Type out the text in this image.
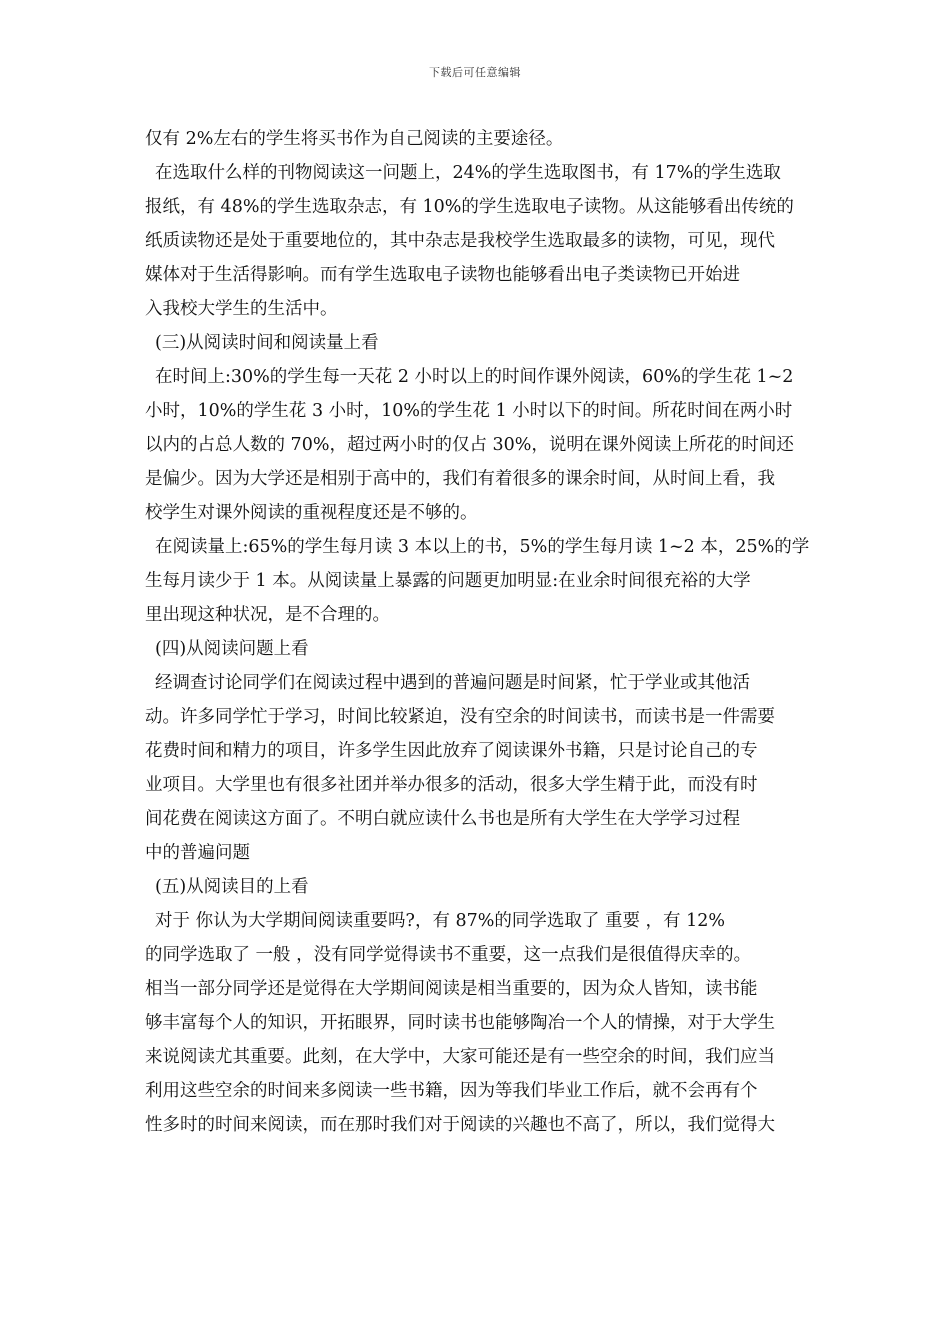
下载后可任意编辑
仅有 2%左右的学生将买书作为自己阅读的主要途径。
在选取什么样的刊物阅读这一问题上，24%的学生选取图书，有 17%的学生选取
报纸，有 48%的学生选取杂志，有 10%的学生选取电子读物。从这能够看出传统的
纸质读物还是处于重要地位的，其中杂志是我校学生选取最多的读物，可见，现代
媒体对于生活得影响。而有学生选取电子读物也能够看出电子类读物已开始进
入我校大学生的生活中。
(三)从阅读时间和阅读量上看
在时间上:30%的学生每一天花 2 小时以上的时间作课外阅读，60%的学生花 1~2
小时，10%的学生花 3 小时，10%的学生花 1 小时以下的时间。所花时间在两小时
以内的占总人数的 70%，超过两小时的仅占 30%，说明在课外阅读上所花的时间还
是偏少。因为大学还是相别于高中的，我们有着很多的课余时间，从时间上看，我
校学生对课外阅读的重视程度还是不够的。
在阅读量上:65%的学生每月读 3 本以上的书，5%的学生每月读 1~2 本，25%的学
生每月读少于 1 本。从阅读量上暴露的问题更加明显:在业余时间很充裕的大学
里出现这种状况，是不合理的。
(四)从阅读问题上看
经调查讨论同学们在阅读过程中遇到的普遍问题是时间紧，忙于学业或其他活
动。许多同学忙于学习，时间比较紧迫，没有空余的时间读书，而读书是一件需要
花费时间和精力的项目，许多学生因此放弃了阅读课外书籍，只是讨论自己的专
业项目。大学里也有很多社团并举办很多的活动，很多大学生精于此，而没有时
间花费在阅读这方面了。不明白就应读什么书也是所有大学生在大学学习过程
中的普遍问题
(五)从阅读目的上看
对于 你认为大学期间阅读重要吗?，有 87%的同学选取了 重要 ，有 12%
的同学选取了 一般 ，没有同学觉得读书不重要，这一点我们是很值得庆幸的。
相当一部分同学还是觉得在大学期间阅读是相当重要的，因为众人皆知，读书能
够丰富每个人的知识，开拓眼界，同时读书也能够陶冶一个人的情操，对于大学生
来说阅读尤其重要。此刻，在大学中，大家可能还是有一些空余的时间，我们应当
利用这些空余的时间来多阅读一些书籍，因为等我们毕业工作后，就不会再有个
性多时的时间来阅读，而在那时我们对于阅读的兴趣也不高了，所以，我们觉得大
